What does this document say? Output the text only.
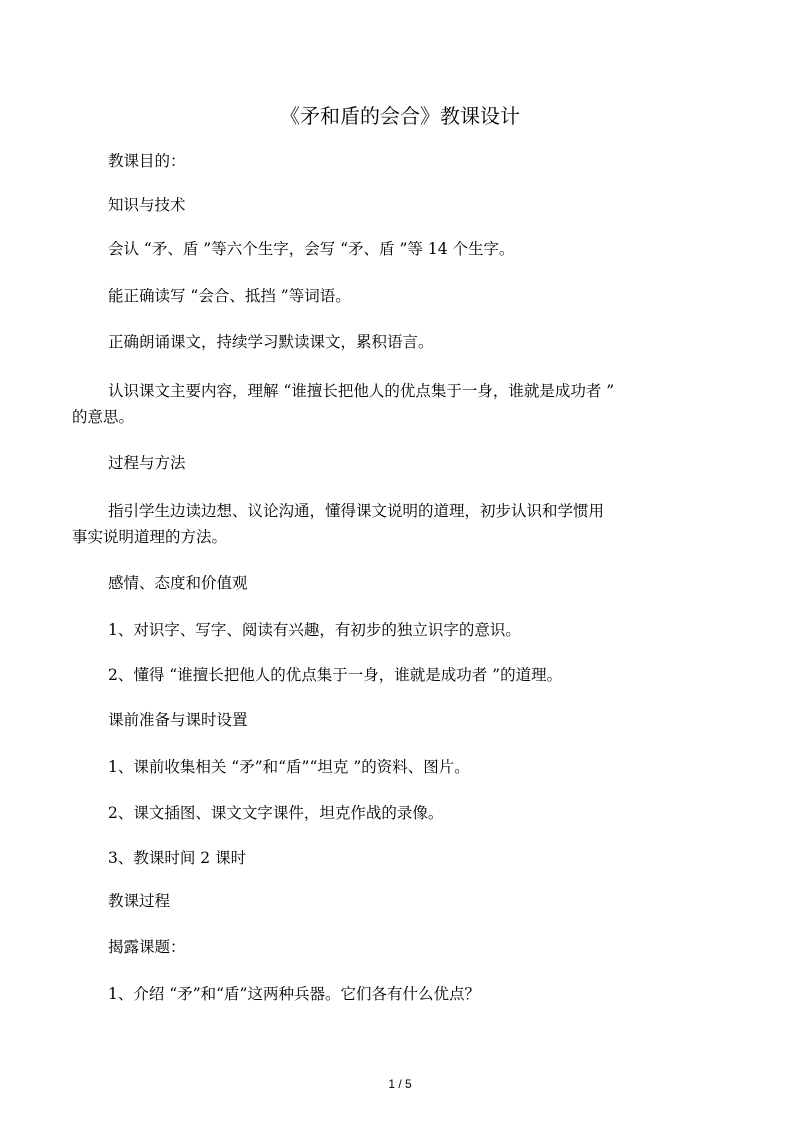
《矛和盾的会合》教课设计
教课目的：
知识与技术
会认 “矛、盾 ”等六个生字，会写 “矛、盾 ”等 14 个生字。
能正确读写 “会合、抵挡 ”等词语。
正确朗诵课文，持续学习默读课文，累积语言。
认识课文主要内容，理解 “谁擅长把他人的优点集于一身，谁就是成功者 ”
的意思。
过程与方法
指引学生边读边想、议论沟通，懂得课文说明的道理，初步认识和学惯用
事实说明道理的方法。
感情、态度和价值观
1、对识字、写字、阅读有兴趣，有初步的独立识字的意识。
2、懂得 “谁擅长把他人的优点集于一身，谁就是成功者 ”的道理。
课前准备与课时设置
1、课前收集相关 “矛”和“盾”“坦克 ”的资料、图片。
2、课文插图、课文文字课件，坦克作战的录像。
3、教课时间 2 课时
教课过程
揭露课题：
1、介绍 “矛”和“盾”这两种兵器。它们各有什么优点？
1 / 5
